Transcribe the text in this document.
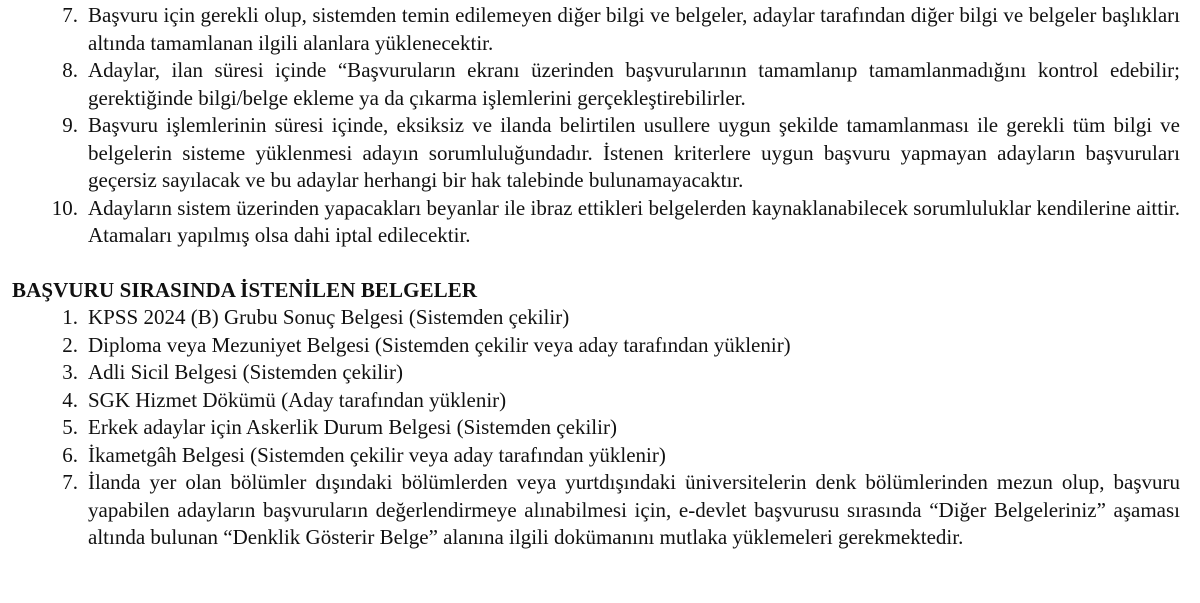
7. Başvuru için gerekli olup, sistemden temin edilemeyen diğer bilgi ve belgeler, adaylar tarafından diğer bilgi ve belgeler başlıkları altında tamamlanan ilgili alanlara yüklenecektir.
8. Adaylar, ilan süresi içinde “Başvuruların ekranı üzerinden başvurularının tamamlanıp tamamlanmadığını kontrol edebilir; gerektiğinde bilgi/belge ekleme ya da çıkarma işlemlerini gerçekleştirebilirler.
9. Başvuru işlemlerinin süresi içinde, eksiksiz ve ilanda belirtilen usullere uygun şekilde tamamlanması ile gerekli tüm bilgi ve belgelerin sisteme yüklenmesi adayın sorumluluğundadır. İstenen kriterlere uygun başvuru yapmayan adayların başvuruları geçersiz sayılacak ve bu adaylar herhangi bir hak talebinde bulunamayacaktır.
10. Adayların sistem üzerinden yapacakları beyanlar ile ibraz ettikleri belgelerden kaynaklanabilecek sorumluluklar kendilerine aittir. Atamaları yapılmış olsa dahi iptal edilecektir.
BAŞVURU SIRASINDA İSTENİLEN BELGELER
1. KPSS 2024 (B) Grubu Sonuç Belgesi (Sistemden çekilir)
2. Diploma veya Mezuniyet Belgesi (Sistemden çekilir veya aday tarafından yüklenir)
3. Adli Sicil Belgesi (Sistemden çekilir)
4. SGK Hizmet Dökümü (Aday tarafından yüklenir)
5. Erkek adaylar için Askerlik Durum Belgesi (Sistemden çekilir)
6. İkametgâh Belgesi (Sistemden çekilir veya aday tarafından yüklenir)
7. İlanda yer olan bölümler dışındaki bölümlerden veya yurtdışındaki üniversitelerin denk bölümlerinden mezun olup, başvuru yapabilen adayların başvuruların değerlendirmeye alınabilmesi için, e-devlet başvurusu sırasında “Diğer Belgeleriniz” aşaması altında bulunan “Denklik Gösterir Belge” alanına ilgili dokümanını mutlaka yüklemeleri gerekmektedir.
